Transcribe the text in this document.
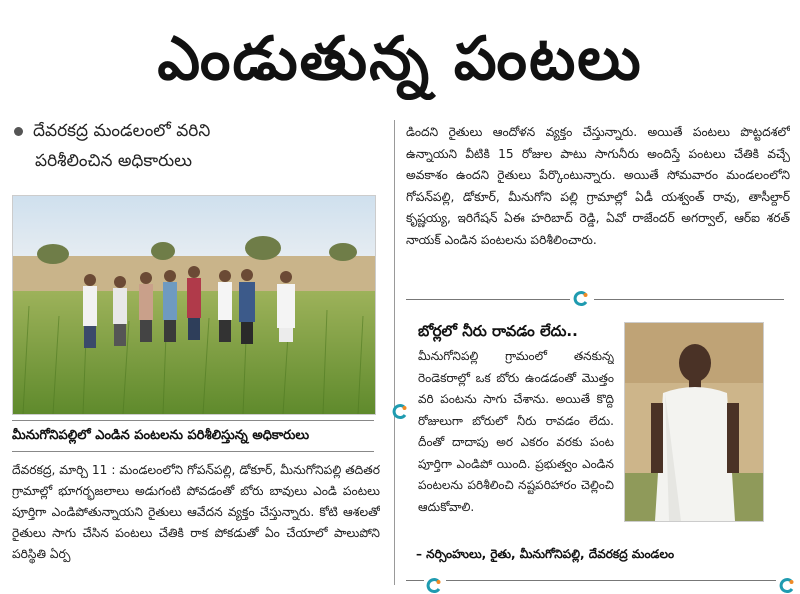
ఎండుతున్న పంటలు
దేవరకద్ర మండలంలో వరిని
పరిశీలించిన అధికారులు
మీనుగోనిపల్లిలో ఎండిన పంటలను పరిశీలిస్తున్న అధికారులు
దేవరకద్ర, మార్చి 11 : మండలంలోని గోపన్‌పల్లి, డోకూర్, మీనుగోనిపల్లి తదితర గ్రామాల్లో భూగర్భజలాలు అడుగంటి పోవడంతో బోరు బావులు ఎండి పంటలు పూర్తిగా ఎండిపోతున్నాయని రైతులు ఆవేదన వ్యక్తం చేస్తున్నారు. కోటి ఆశలతో రైతులు సాగు చేసిన పంటలు చేతికి రాక పోకడుతో ఏం చేయాలో పాలుపోని పరిస్థితి ఏర్ప
డిందని రైతులు ఆందోళన వ్యక్తం చేస్తున్నారు. అయితే పంటలు పొట్టదశలో ఉన్నాయని వీటికి 15 రోజుల పాటు సాగునీరు అందిస్తే పంటలు చేతికి వచ్చే అవకాశం ఉందని రైతులు పేర్కొంటున్నారు. అయితే సోమవారం మండలంలోని గోపన్‌పల్లి, డోకూర్, మీనుగోని పల్లి గ్రామాల్లో ఏడీ యశ్వంత్ రావు, తాసీల్దార్ కృష్ణయ్య, ఇరిగేషన్ ఏఈ హరిబాద్ రెడ్డి, ఏవో రాజేందర్ అగర్వాల్, ఆర్‌ఐ శరత్ నాయక్ ఎండిన పంటలను పరిశీలించారు.
బోర్లలో నీరు రావడం లేదు..
మీనుగోనిపల్లి గ్రామంలో తనకున్న రెండెకరాల్లో ఒక బోరు ఉండడంతో మొత్తం వరి పంటను సాగు చేశాను. అయితే కొద్ది రోజులుగా బోరులో నీరు రావడం లేదు. దీంతో దాదాపు అర ఎకరం వరకు పంట పూర్తిగా ఎండిపో యింది. ప్రభుత్వం ఎండిన పంటలను పరిశీలించి నష్టపరిహారం చెల్లించి ఆదుకోవాలి.
– నర్సింహులు, రైతు, మీనుగోనిపల్లి, దేవరకద్ర మండలం
